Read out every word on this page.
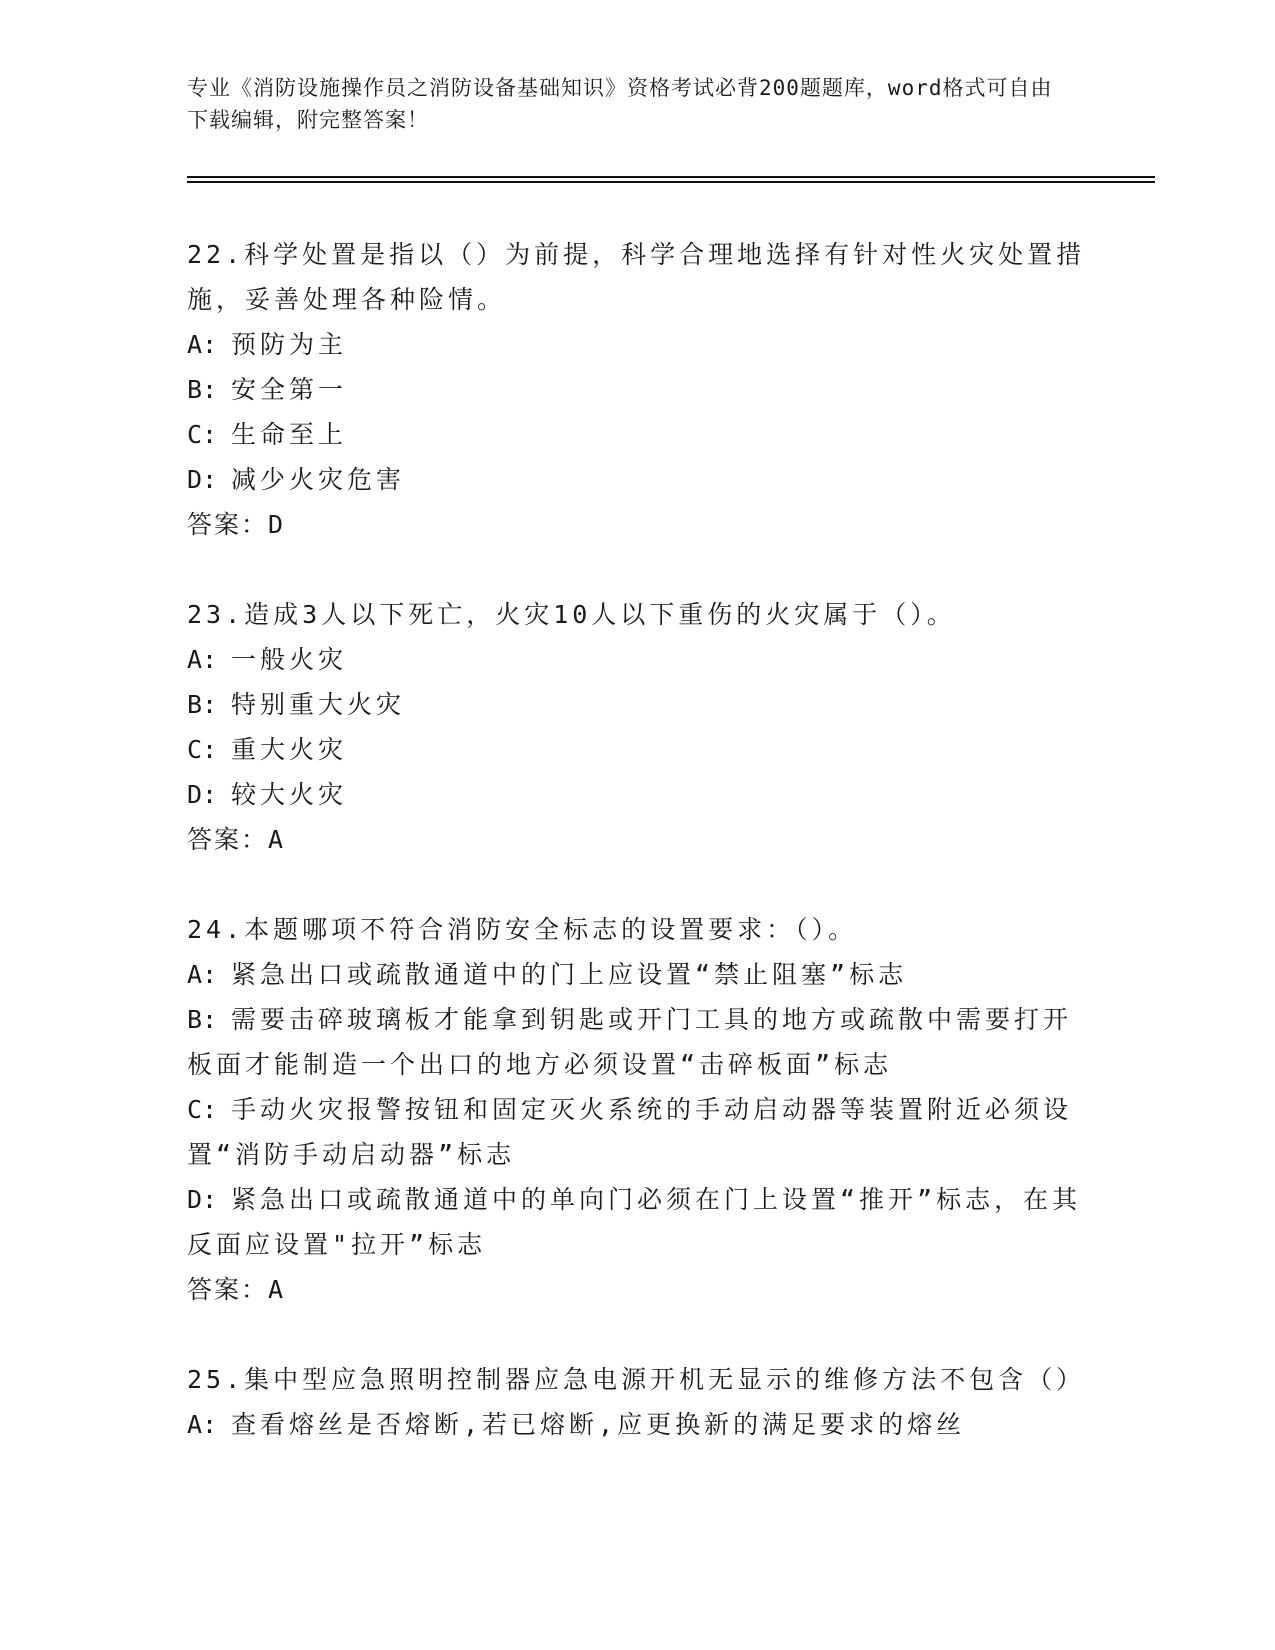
专业《消防设施操作员之消防设备基础知识》资格考试必背200题题库，word格式可自由下载编辑，附完整答案！
22.科学处置是指以（）为前提，科学合理地选择有针对性火灾处置措施，妥善处理各种险情。
A: 预防为主
B: 安全第一
C: 生命至上
D: 减少火灾危害
答案：D
23.造成3人以下死亡，火灾10人以下重伤的火灾属于（）。
A: 一般火灾
B: 特别重大火灾
C: 重大火灾
D: 较大火灾
答案：A
24.本题哪项不符合消防安全标志的设置要求：（）。
A: 紧急出口或疏散通道中的门上应设置“禁止阻塞”标志
B: 需要击碎玻璃板才能拿到钥匙或开门工具的地方或疏散中需要打开板面才能制造一个出口的地方必须设置“击碎板面”标志
C: 手动火灾报警按钮和固定灭火系统的手动启动器等装置附近必须设置“消防手动启动器”标志
D: 紧急出口或疏散通道中的单向门必须在门上设置“推开”标志，在其反面应设置"拉开”标志
答案：A
25.集中型应急照明控制器应急电源开机无显示的维修方法不包含（）
A: 查看熔丝是否熔断,若已熔断,应更换新的满足要求的熔丝
